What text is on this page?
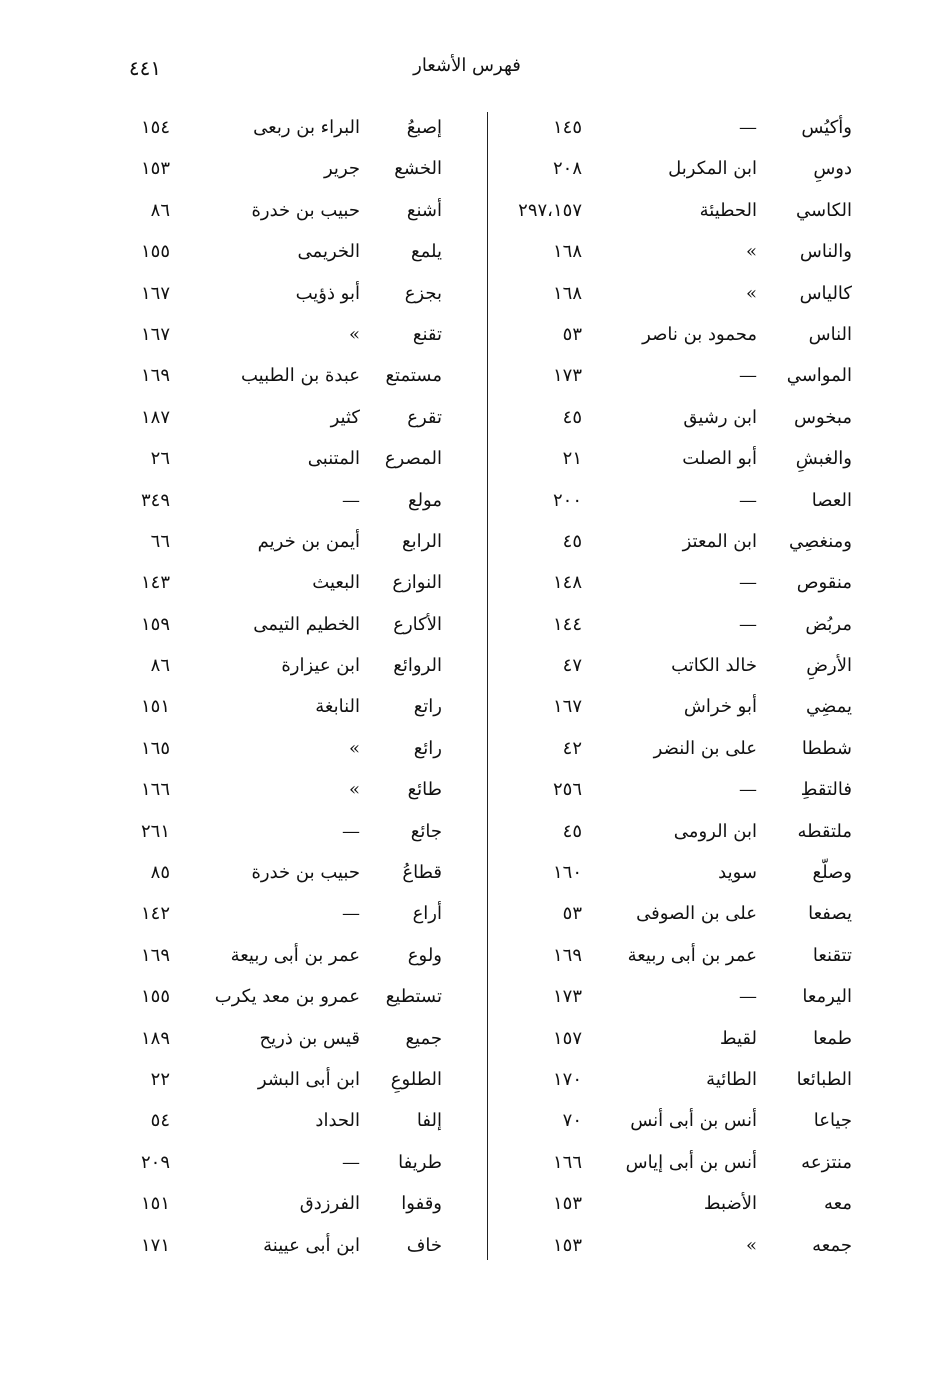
فهرس الأشعار
٤٤١
وأكيُس
—
١٤٥
دوسِ
ابن المكربل
٢٠٨
الكاسي
الحطيئة
٢٩٧،١٥٧
والناس
»
١٦٨
كالياس
»
١٦٨
الناس
محمود بن ناصر
٥٣
المواسي
—
١٧٣
مبخوس
ابن رشيق
٤٥
والغبشِ
أبو الصلت
٢١
العصا
—
٢٠٠
ومنغصِي
ابن المعتز
٤٥
منقوص
—
١٤٨
مربُض
—
١٤٤
الأرضِ
خالد الكاتب
٤٧
يمضِي
أبو خراش
١٦٧
شططا
على بن النضر
٤٢
فالتقطِ
—
٢٥٦
ملتقطه
ابن الرومى
٤٥
وصلّع
سويد
١٦٠
يصفعا
على بن الصوفى
٥٣
تتقنعا
عمر بن أبى ربيعة
١٦٩
اليرمعا
—
١٧٣
طمعا
لقيط
١٥٧
الطبائعا
الطائية
١٧٠
جياعا
أنس بن أبى أنس
٧٠
منتزعه
أنس بن أبى إياس
١٦٦
معه
الأضبط
١٥٣
جمعه
»
١٥٣
إصبعُ
البراء بن ربعى
١٥٤
الخشع
جرير
١٥٣
أشنع
حبيب بن خدرة
٨٦
يلمع
الخريمى
١٥٥
بجزع
أبو ذؤيب
١٦٧
تقنع
»
١٦٧
مستمتع
عبدة بن الطبيب
١٦٩
تقرع
كثير
١٨٧
المصرع
المتنبى
٢٦
مولع
—
٣٤٩
الرابع
أيمن بن خريم
٦٦
النوازع
البعيث
١٤٣
الأكارع
الخطيم التيمى
١٥٩
الروائع
ابن عيزارة
٨٦
راتع
النابغة
١٥١
رائع
»
١٦٥
طائع
»
١٦٦
جائع
—
٢٦١
قطاعُ
حبيب بن خدرة
٨٥
أراع
—
١٤٢
ولوع
عمر بن أبى ربيعة
١٦٩
تستطيع
عمرو بن معد يكرب
١٥٥
جميع
قيس بن ذريح
١٨٩
الطلوعِ
ابن أبى البشر
٢٢
إلفا
الحداد
٥٤
طريفا
—
٢٠٩
وقفوا
الفرزدق
١٥١
خاف
ابن أبى عيينة
١٧١
